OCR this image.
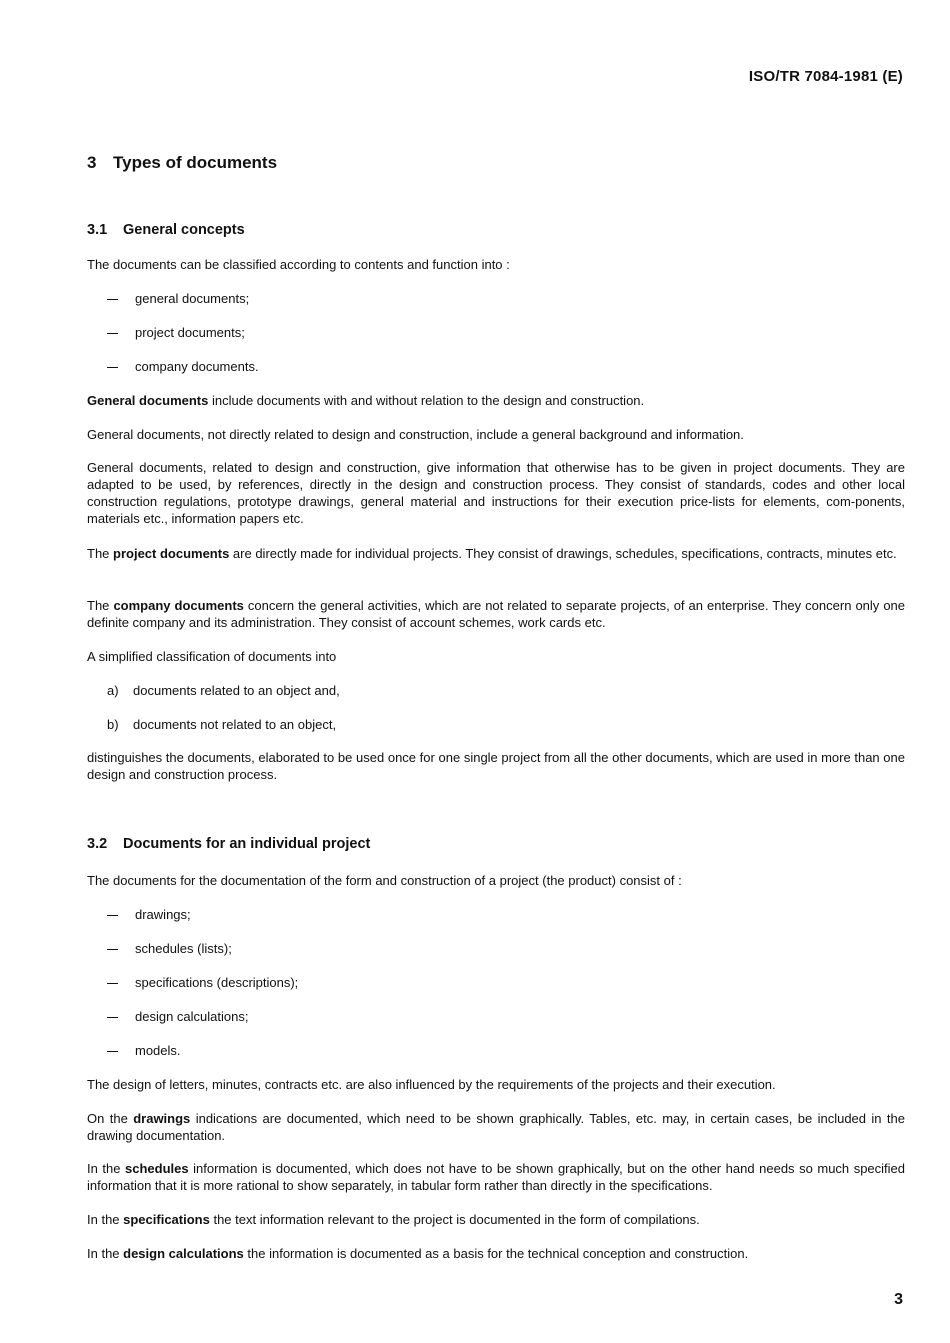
ISO/TR 7084-1981 (E)
3 Types of documents
3.1 General concepts

The documents can be classified according to contents and function into :

general documents;
project documents;
company documents.

General documents include documents with and without relation to the design and construction.

General documents, not directly related to design and construction, include a general background and information.

General documents, related to design and construction, give information that otherwise has to be given in project documents. They are adapted to be used, by references, directly in the design and construction process. They consist of standards, codes and other local construction regulations, prototype drawings, general material and instructions for their execution price-lists for elements, com-ponents, materials etc., information papers etc.

The project documents are directly made for individual projects. They consist of drawings, schedules, specifications, contracts, minutes etc.

The company documents concern the general activities, which are not related to separate projects, of an enterprise. They concern only one definite company and its administration. They consist of account schemes, work cards etc.

A simplified classification of documents into

a) documents related to an object and,
b) documents not related to an object,

distinguishes the documents, elaborated to be used once for one single project from all the other documents, which are used in more than one design and construction process.

3.2 Documents for an individual project

The documents for the documentation of the form and construction of a project (the product) consist of :

drawings;
schedules (lists);
specifications (descriptions);
design calculations;
models.

The design of letters, minutes, contracts etc. are also influenced by the requirements of the projects and their execution.

On the drawings indications are documented, which need to be shown graphically. Tables, etc. may, in certain cases, be included in the drawing documentation.

In the schedules information is documented, which does not have to be shown graphically, but on the other hand needs so much specified information that it is more rational to show separately, in tabular form rather than directly in the specifications.

In the specifications the text information relevant to the project is documented in the form of compilations.

In the design calculations the information is documented as a basis for the technical conception and construction.

3
